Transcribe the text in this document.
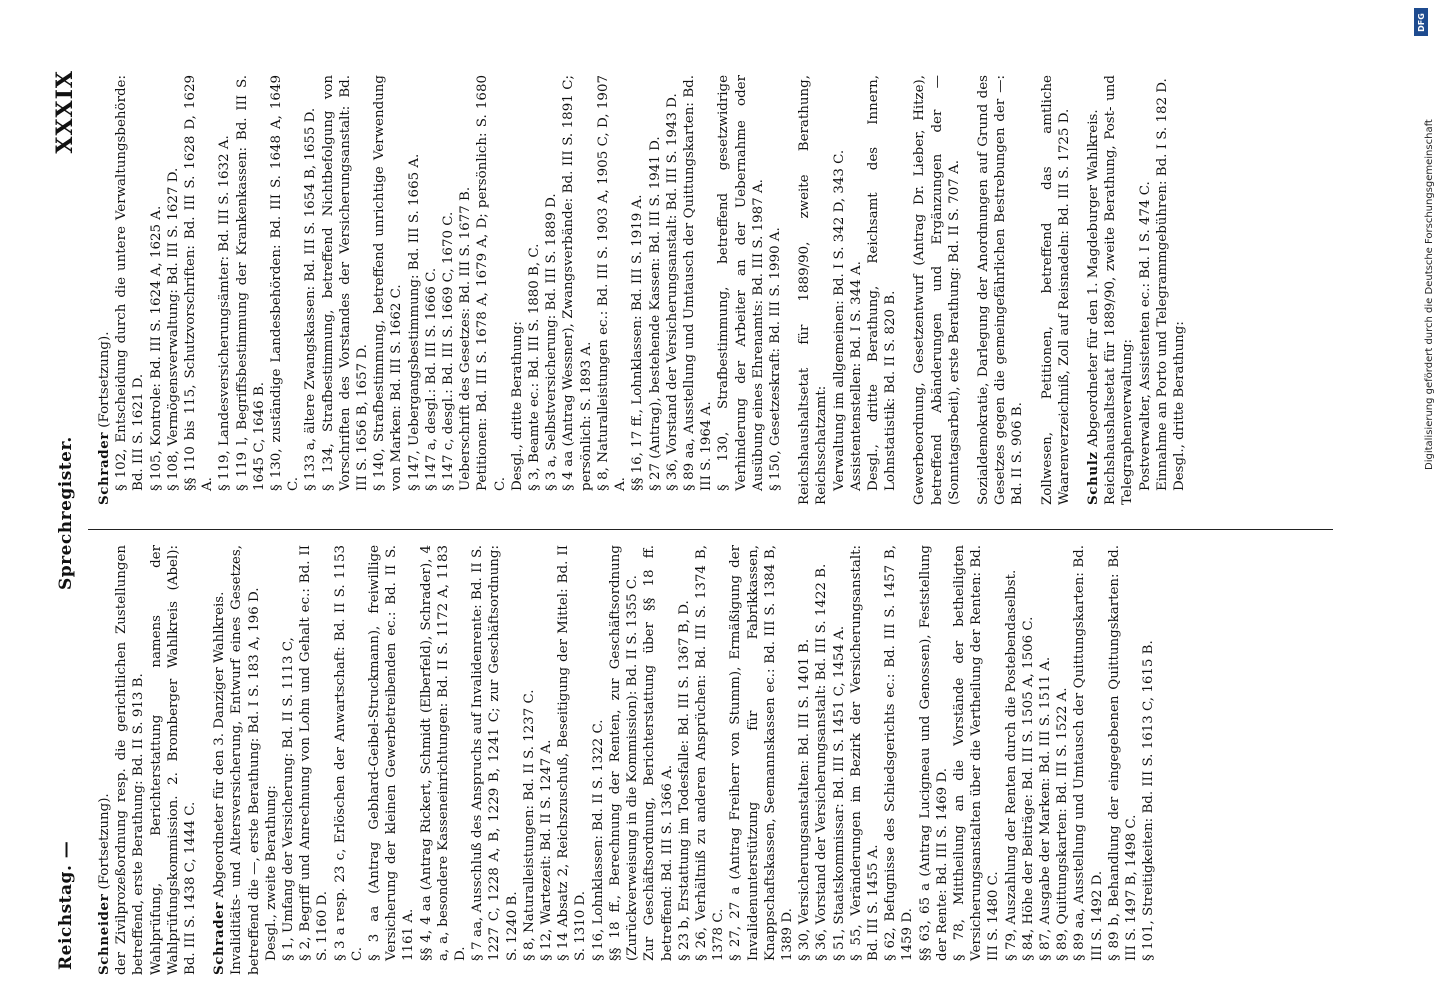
Reichstag. —
Sprechregister.
XXXIX
Schneider (Fortsetzung). der Zivilprozeßordnung resp. die gerichtlichen Zustellungen betreffend, erste Berathung: Bd. II S. 913 B. Wahlprüfung, Berichterstattung namens der Wahlprüfungskommission. 2. Bromberger Wahlkreis (Abel): Bd. III S. 1438 C, 1444 C. Schrader Abgeordneter für den 3. Danziger Wahlkreis. Invaliditäts- und Altersversicherung, Entwurf eines Gesetzes, betreffend die —, erste Berathung: Bd. I S. 183 A, 196 D. Desgl., zweite Berathung: § 1, Umfang der Versicherung: Bd. II S. 1113 C, § 2, Begriff und Anrechnung von Lohn und Gehalt ec.: Bd. II S. 1160 D. § 3 a resp. 23 c, Erlöschen der Anwartschaft: Bd. II S. 1153 C. § 3 aa (Antrag Gebhard-Geibel-Struckmann), freiwillige Versicherung der kleinen Gewerbetreibenden ec.: Bd. II S. 1161 A. §§ 4, 4 aa (Antrag Rickert, Schmidt (Elberfeld), Schrader), 4 a, a, besondere Kasseneinrichtungen: Bd. II S. 1172 A, 1183 D. § 7 aa, Ausschluß des Anspruchs auf Invalidenrente: Bd. II S. 1227 C, 1228 A, B, 1229 B, 1241 C; zur Geschäftsordnung: S. 1240 B. § 8, Naturalleistungen: Bd. II S. 1237 C. § 12, Wartezeit: Bd. II S. 1247 A. § 14 Absatz 2, Reichszuschuß, Beseitigung der Mittel: Bd. II S. 1310 D. § 16, Lohnklassen: Bd. II S. 1322 C. §§ 18 ff., Berechnung der Renten, zur Geschäftsordnung (Zurückverweisung in die Kommission): Bd. II S. 1355 C. Zur Geschäftsordnung, Berichterstattung über §§ 18 ff. betreffend: Bd. III S. 1366 A. § 23 b, Erstattung im Todesfalle: Bd. III S. 1367 B, D. § 26, Verhältniß zu anderen Ansprüchen: Bd. III S. 1374 B, 1378 C. § 27, 27 a (Antrag Freiherr von Stumm), Ermäßigung der Invalidenunterstützung für Fabrikkassen, Knappschaftskassen, Seemannskassen ec.: Bd. III S. 1384 B, 1389 D. § 30, Versicherungsanstalten: Bd. III S. 1401 B. § 36, Vorstand der Versicherungsanstalt: Bd. III S. 1422 B. § 51, Staatskommissar: Bd. III S. 1451 C, 1454 A. § 55, Veränderungen im Bezirk der Versicherungsanstalt: Bd. III S. 1455 A. § 62, Befugnisse des Schiedsgerichts ec.: Bd. III S. 1457 B, 1459 D. §§ 63, 65 a (Antrag Lucigneau und Genossen), Feststellung der Rente: Bd. III S. 1469 D. § 78, Mittheilung an die Vorstände der betheiligten Versicherungsanstalten über die Vertheilung der Renten: Bd. III S. 1480 C. § 79, Auszahlung der Renten durch die Postebendaselbst. § 84, Höhe der Beiträge: Bd. III S. 1505 A, 1506 C. § 87, Ausgabe der Marken: Bd. III S. 1511 A. § 89, Quittungskarten: Bd. III S. 1522 A. § 89 aa, Ausstellung und Umtausch der Quittungskarten: Bd. III S. 1492 D. § 89 b, Behandlung der eingegebenen Quittungskarten: Bd. III S. 1497 B, 1498 C. § 101, Streitigkeiten: Bd. III S. 1613 C, 1615 B.
Schrader (Fortsetzung). § 102, Entscheidung durch die untere Verwaltungsbehörde: Bd. III S. 1621 D. § 105, Kontrole: Bd. III S. 1624 A, 1625 A. § 108, Vermögensverwaltung: Bd. III S. 1627 D. §§ 110 bis 115, Schutzvorschriften: Bd. III S. 1628 D, 1629 A. § 119, Landesversicherungsämter: Bd. III S. 1632 A. § 119 l, Begriffsbestimmung der Krankenkassen: Bd. III S. 1645 C, 1646 B. § 130, zuständige Landesbehörden: Bd. III S. 1648 A, 1649 C. § 133 a, ältere Zwangskassen: Bd. III S. 1654 B, 1655 D. § 134, Strafbestimmung, betreffend Nichtbefolgung von Vorschriften des Vorstandes der Versicherungsanstalt: Bd. III S. 1656 B, 1657 D. § 140, Strafbestimmung, betreffend unrichtige Verwendung von Marken: Bd. III S. 1662 C. § 147, Uebergangsbestimmung: Bd. III S. 1665 A. § 147 a, desgl.: Bd. III S. 1666 C. § 147 c, desgl.: Bd. III S. 1669 C, 1670 C. Ueberschrift des Gesetzes: Bd. III S. 1677 B. Petitionen: Bd. III S. 1678 A, 1679 A, D; persönlich: S. 1680 C. Desgl., dritte Berathung: § 3, Beamte ec.: Bd. III S. 1880 B, C. § 3 a, Selbstversicherung: Bd. III S. 1889 D. § 4 aa (Antrag Wessner), Zwangsverbände: Bd. III S. 1891 C; persönlich: S. 1893 A. § 8, Naturalleistungen ec.: Bd. III S. 1903 A, 1905 C, D, 1907 A. §§ 16, 17 ff., Lohnklassen: Bd. III S. 1919 A. § 27 (Antrag), bestehende Kassen: Bd. III S. 1941 D. § 36, Vorstand der Versicherungsanstalt: Bd. III S. 1943 D. § 89 aa, Ausstellung und Umtausch der Quittungskarten: Bd. III S. 1964 A. § 130, Strafbestimmung, betreffend gesetzwidrige Verhinderung der Arbeiter an der Uebernahme oder Ausübung eines Ehrenamts: Bd. III S. 1987 A. § 150, Gesetzeskraft: Bd. III S. 1990 A. Reichshaushaltsetat für 1889/90, zweite Berathung, Reichsschatzamt: Verwaltung im allgemeinen: Bd. I S. 342 D, 343 C. Assistentenstellen: Bd. I S. 344 A. Desgl., dritte Berathung, Reichsamt des Innern, Lohnstatistik: Bd. II S. 820 B. Gewerbeordnung, Gesetzentwurf (Antrag Dr. Lieber, Hitze), betreffend Abänderungen und Ergänzungen der — (Sonntagsarbeit), erste Berathung: Bd. II S. 707 A. Sozialdemokratie, Darlegung der Anordnungen auf Grund des Gesetzes gegen die gemeingefährlichen Bestrebungen der —: Bd. II S. 906 B. Zollwesen, Petitionen, betreffend das amtliche Waarenverzeichniß, Zoll auf Reisnadeln: Bd. III S. 1725 D. Schulz Abgeordneter für den 1. Magdeburger Wahlkreis. Reichshaushaltsetat für 1889/90, zweite Berathung, Post- und Telegraphenverwaltung: Postverwalter, Assistenten ec.: Bd. I S. 474 C. Einnahme an Porto und Telegrammgebühren: Bd. I S. 182 D. Desgl., dritte Berathung:
DFG
Digitalisierung gefördert durch die Deutsche Forschungsgemeinschaft
